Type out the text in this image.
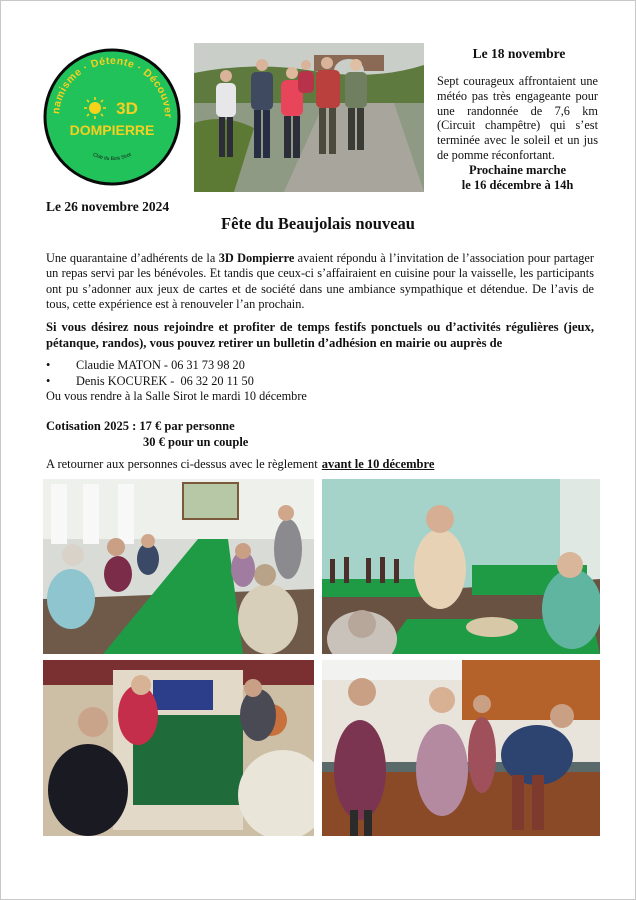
namisme · Détente · Découver
Club du Bois Sirot
3D
DOMPIERRE
Le 18 novembre
Sept courageux affrontaient une météo pas très engageante pour une randonnée de 7,6 km (Circuit champêtre) qui s’est terminée avec le soleil et un jus de pomme réconfortant.
Prochaine marche
le 16 décembre à 14h
Le 26 novembre 2024
Fête du Beaujolais nouveau
Une quarantaine d’adhérents de la 3D Dompierre avaient répondu à l’invitation de l’association pour partager un repas servi par les bénévoles. Et tandis que ceux-ci s’affairaient en cuisine pour la vaisselle, les participants ont pu s’adonner aux jeux de cartes et de société dans une ambiance sympathique et détendue. De l’avis de tous, cette expérience est à renouveler l’an prochain.
Si vous désirez nous rejoindre et profiter de temps festifs ponctuels ou d’activités régulières (jeux, pétanque, randos), vous pouvez retirer un bulletin d’adhésion en mairie ou auprès de
•	Claudie MATON - 06 31 73 98 20
•	Denis KOCUREK -  06 32 20 11 50
Ou vous rendre à la Salle Sirot le mardi 10 décembre
Cotisation 2025 : 17 € par personne
30 € pour un couple
A retourner aux personnes ci-dessus avec le règlement avant le 10 décembre
